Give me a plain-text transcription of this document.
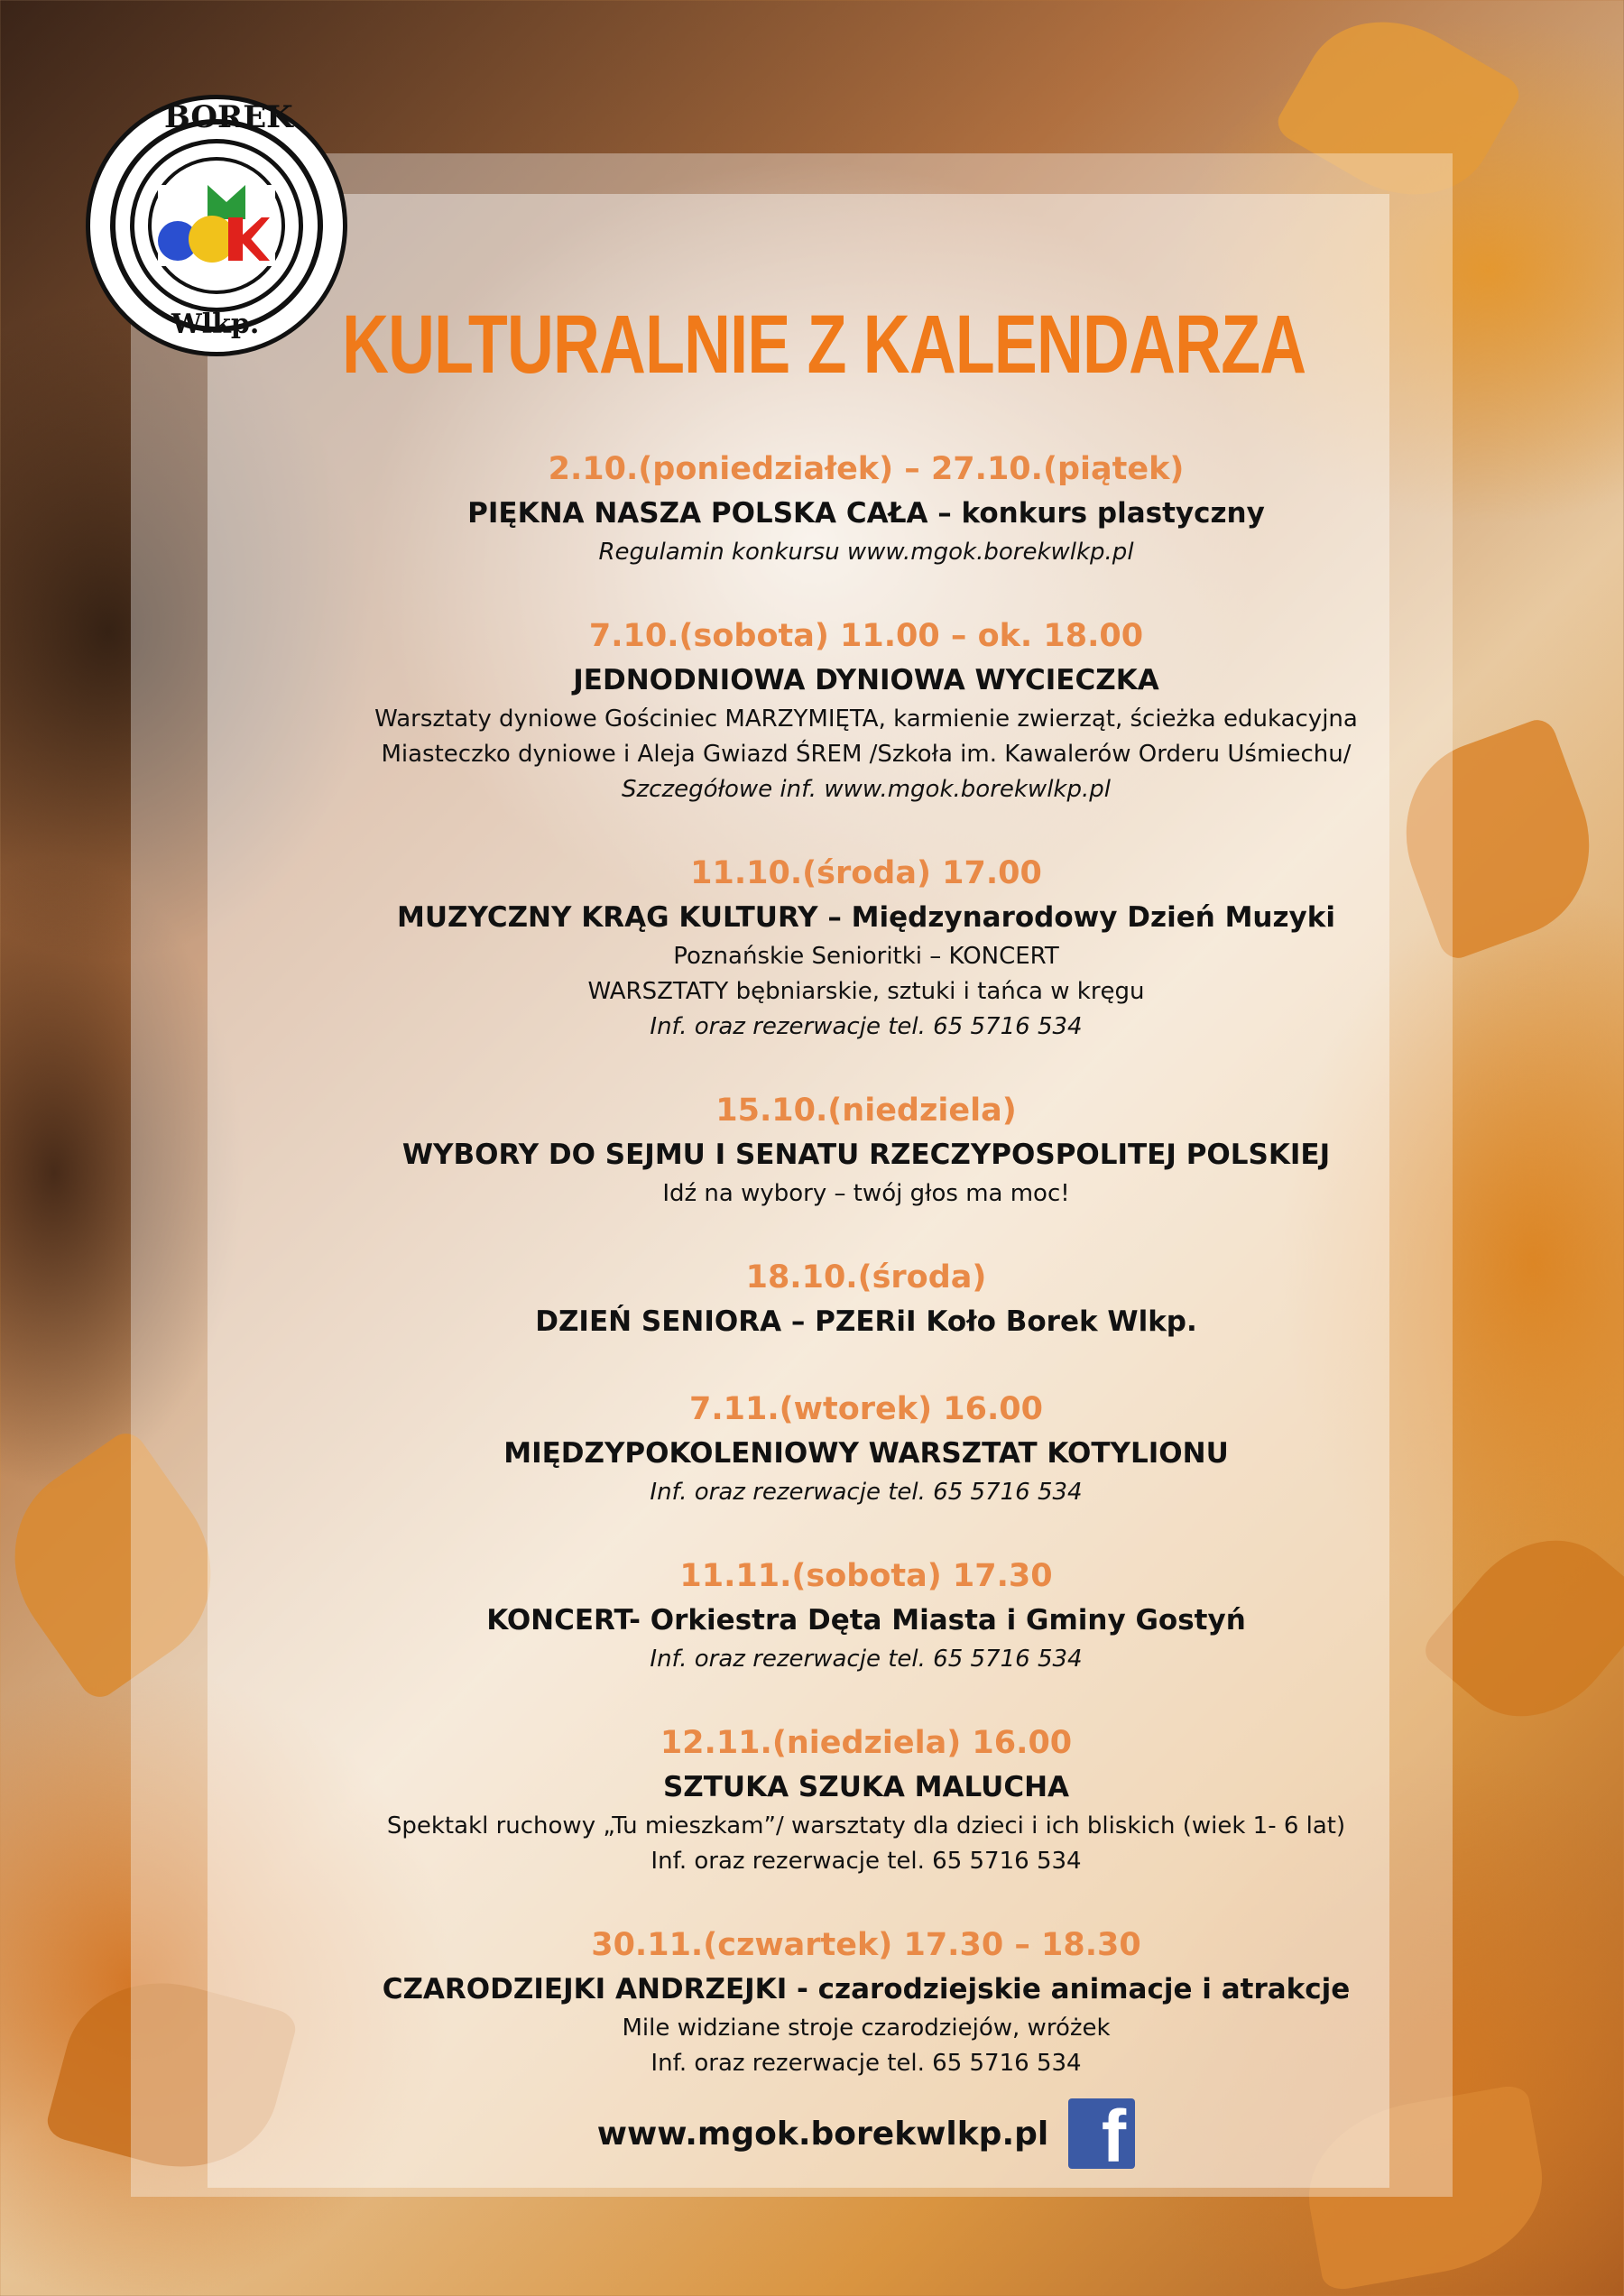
BOREK
Wlkp. KULTURALNIE Z KALENDARZA
2.10.(poniedziałek) – 27.10.(piątek)
PIĘKNA NASZA POLSKA CAŁA – konkurs plastyczny
Regulamin konkursu www.mgok.borekwlkp.pl
7.10.(sobota) 11.00 – ok. 18.00
JEDNODNIOWA DYNIOWA WYCIECZKA
Warsztaty dyniowe Gościniec MARZYMIĘTA, karmienie zwierząt, ścieżka edukacyjna
Miasteczko dyniowe i Aleja Gwiazd ŚREM /Szkoła im. Kawalerów Orderu Uśmiechu/
Szczegółowe inf. www.mgok.borekwlkp.pl
11.10.(środa) 17.00
MUZYCZNY KRĄG KULTURY – Międzynarodowy Dzień Muzyki
Poznańskie Senioritki – KONCERT
WARSZTATY bębniarskie, sztuki i tańca w kręgu
Inf. oraz rezerwacje tel. 65 5716 534
15.10.(niedziela)
WYBORY DO SEJMU I SENATU RZECZYPOSPOLITEJ POLSKIEJ
Idź na wybory – twój głos ma moc!
18.10.(środa)
DZIEŃ SENIORA – PZERiI Koło Borek Wlkp.
7.11.(wtorek) 16.00
MIĘDZYPOKOLENIOWY WARSZTAT KOTYLIONU
Inf. oraz rezerwacje tel. 65 5716 534
11.11.(sobota) 17.30
KONCERT- Orkiestra Dęta Miasta i Gminy Gostyń
Inf. oraz rezerwacje tel. 65 5716 534
12.11.(niedziela) 16.00
SZTUKA SZUKA MALUCHA
Spektakl ruchowy „Tu mieszkam”/ warsztaty dla dzieci i ich bliskich (wiek 1- 6 lat)
Inf. oraz rezerwacje tel. 65 5716 534
30.11.(czwartek) 17.30 – 18.30
CZARODZIEJKI ANDRZEJKI - czarodziejskie animacje i atrakcje
Mile widziane stroje czarodziejów, wróżek
Inf. oraz rezerwacje tel. 65 5716 534
www.mgok.borekwlkp.pl f
